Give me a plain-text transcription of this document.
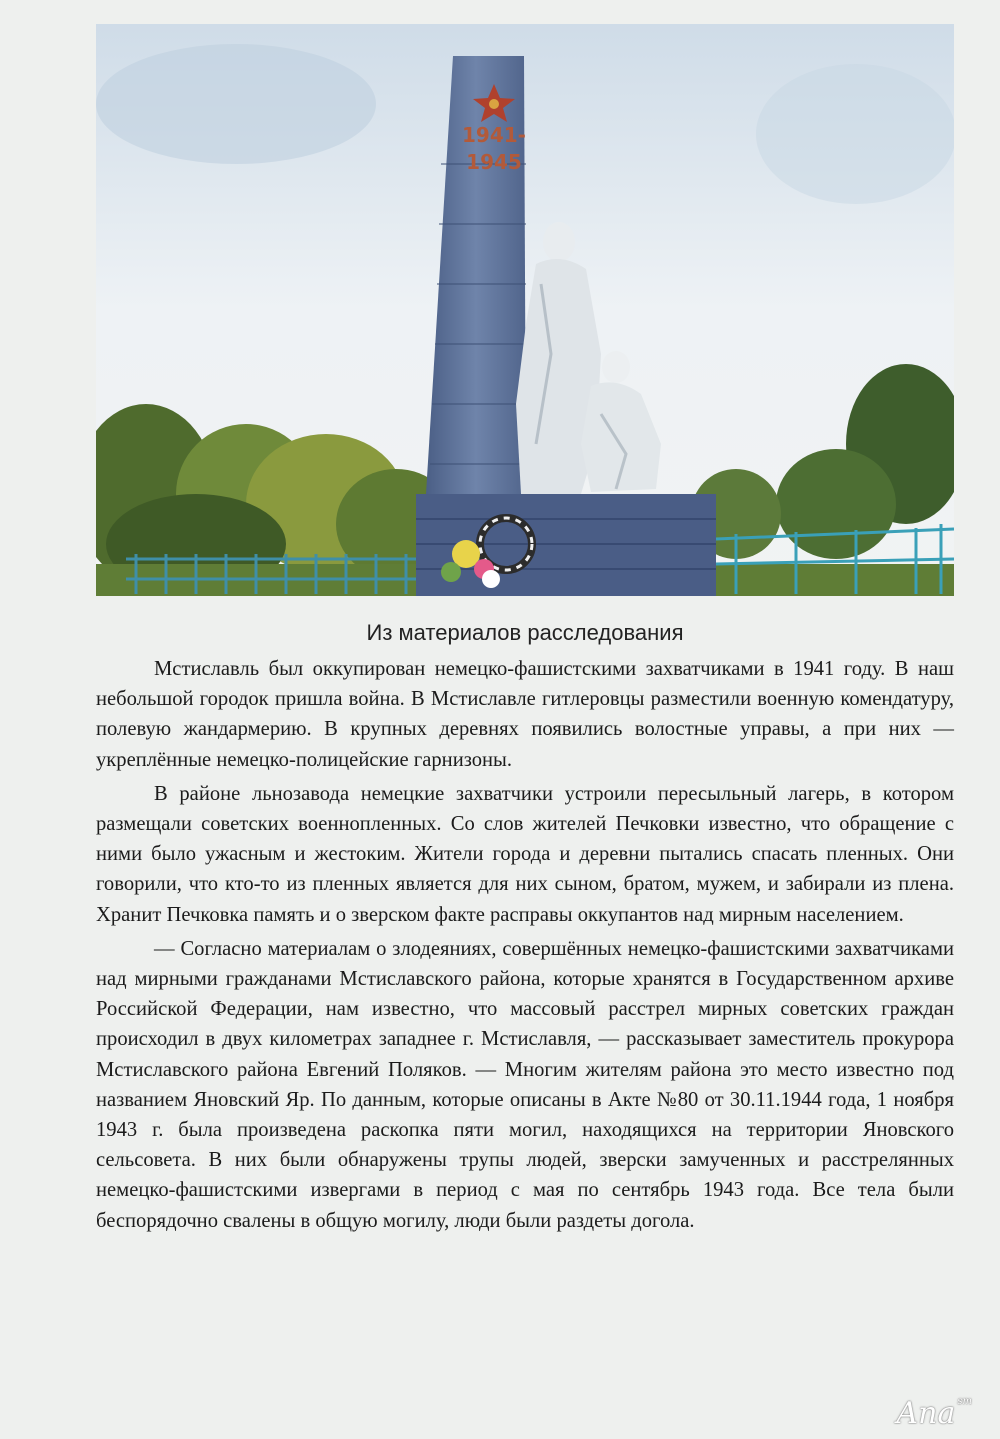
1941-
1945
Из материалов расследования

Мстиславль был оккупирован немецко-фашистскими захватчиками в 1941 году. В наш небольшой городок пришла война. В Мстиславле гитлеровцы разместили военную комендатуру, полевую жандармерию. В крупных деревнях появились волостные управы, а при них — укреплённые немецко-полицейские гарнизоны.

В районе льнозавода немецкие захватчики устроили пересыльный лагерь, в котором размещали советских военнопленных. Со слов жителей Печковки известно, что обращение с ними было ужасным и жестоким. Жители города и деревни пытались спасать пленных. Они говорили, что кто-то из пленных является для них сыном, братом, мужем, и забирали из плена. Хранит Печковка память и о зверском факте расправы оккупантов над мирным населением.

— Согласно материалам о злодеяниях, совершённых немецко-фашистскими захватчиками над мирными гражданами Мстиславского района, которые хранятся в Государственном архиве Российской Федерации, нам известно, что массовый расстрел мирных советских граждан происходил в двух километрах западнее г. Мстиславля, — рассказывает заместитель прокурора Мстиславского района Евгений Поляков. — Многим жителям района это место известно под названием Яновский Яр. По данным, которые описаны в Акте №80 от 30.11.1944 года, 1 ноября 1943 г. была произведена раскопка пяти могил, находящихся на территории Яновского сельсовета. В них были обнаружены трупы людей, зверски замученных и расстрелянных немецко-фашистскими извергами в период с мая по сентябрь 1943 года. Все тела были беспорядочно свалены в общую могилу, люди были раздеты догола.

Ana $^{sm}$
